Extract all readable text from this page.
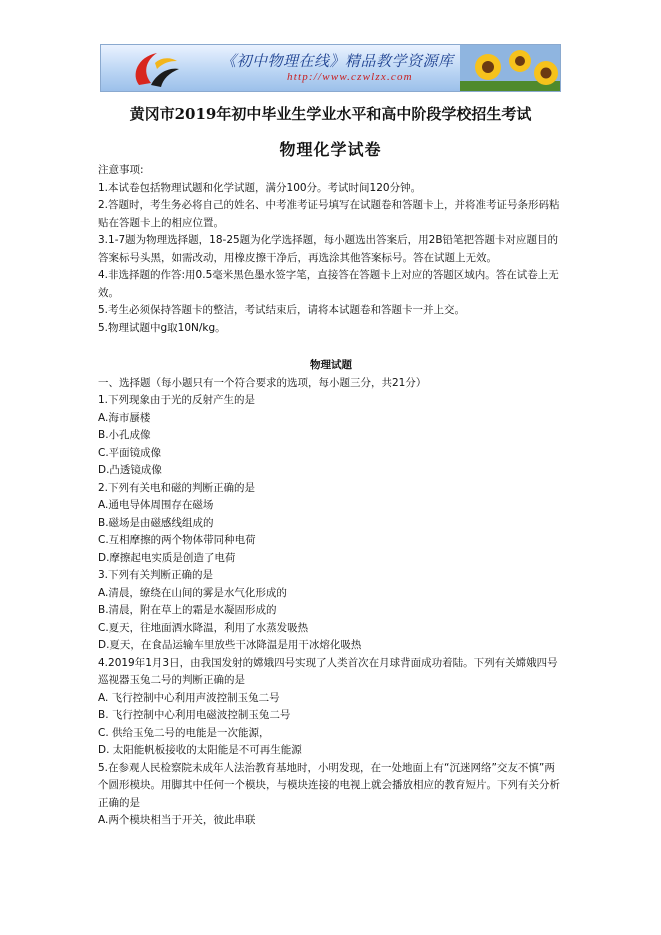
《初中物理在线》精品教学资源库
http://www.czwlzx.com
黄冈市2019年初中毕业生学业水平和高中阶段学校招生考试
物理化学试卷

注意事项:

1.本试卷包括物理试题和化学试题，满分100分。考试时间120分钟。

2.答题时，考生务必将自己的姓名、中考准考证号填写在试题卷和答题卡上，并将准考证号条形码粘贴在答题卡上的相应位置。

3.1-7题为物理选择题，18-25题为化学选择题，每小题选出答案后，用2B铅笔把答题卡对应题目的答案标号头黑，如需改动，用橡皮擦干净后，再选涂其他答案标号。答在试题上无效。

4.非选择题的作答:用0.5毫米黑色墨水签字笔，直接答在答题卡上对应的答题区域内。答在试卷上无效。

5.考生必须保持答题卡的整洁，考试结束后，请将本试题卷和答题卡一并上交。

5.物理试题中g取10N/kg。

物理试题

一、选择题（每小题只有一个符合要求的选项，每小题三分，共21分）

1.下列现象由于光的反射产生的是

A.海市蜃楼

B.小孔成像

C.平面镜成像

D.凸透镜成像

2.下列有关电和磁的判断正确的是

A.通电导体周围存在磁场

B.磁场是由磁感线组成的

C.互相摩擦的两个物体带同种电荷

D.摩擦起电实质是创造了电荷

3.下列有关判断正确的是

A.清晨，缭绕在山间的雾是水气化形成的

B.清晨，附在草上的霜是水凝固形成的

C.夏天，往地面洒水降温，利用了水蒸发吸热

D.夏天，在食品运输车里放些干冰降温是用干冰熔化吸热

4.2019年1月3日，由我国发射的嫦娥四号实现了人类首次在月球背面成功着陆。下列有关嫦娥四号巡视器玉兔二号的判断正确的是

A. 飞行控制中心利用声波控制玉兔二号

B. 飞行控制中心利用电磁波控制玉兔二号

C. 供给玉兔二号的电能是一次能源，

D. 太阳能帆板接收的太阳能是不可再生能源

5.在参观人民检察院未成年人法治教育基地时，小明发现，在一处地面上有“沉迷网络”交友不慎”两个圆形模块。用脚其中任何一个模块，与模块连接的电视上就会播放相应的教育短片。下列有关分析正确的是

A.两个模块相当于开关，彼此串联
